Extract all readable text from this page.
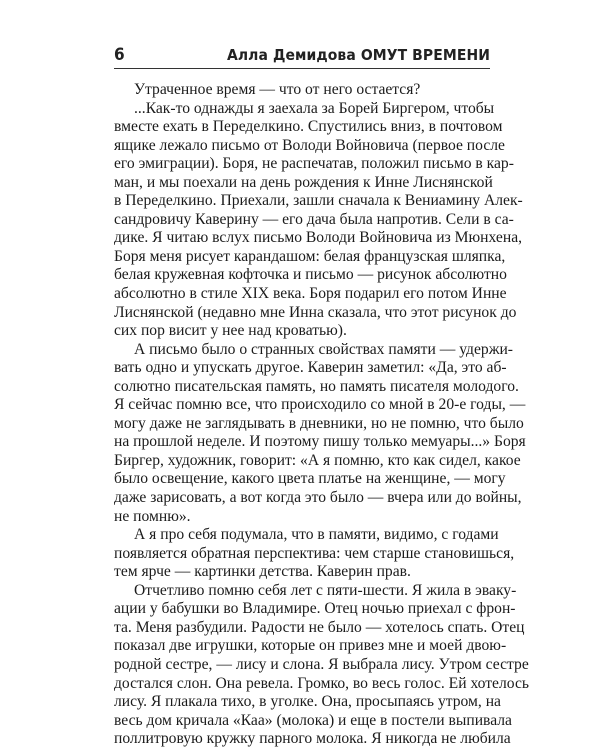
6	Алла Демидова ОМУТ ВРЕМЕНИ
Утраченное время — что от него остается?
...Как-то однажды я заехала за Борей Биргером, чтобы
вместе ехать в Переделкино. Спустились вниз, в почтовом
ящике лежало письмо от Володи Войновича (первое после
его эмиграции). Боря, не распечатав, положил письмо в кар-
ман, и мы поехали на день рождения к Инне Лиснянской
в Переделкино. Приехали, зашли сначала к Вениамину Алек-
сандровичу Каверину — его дача была напротив. Сели в са-
дике. Я читаю вслух письмо Володи Войновича из Мюнхена,
Боря меня рисует карандашом: белая французская шляпка,
белая кружевная кофточка и письмо — рисунок абсолютно
абсолютно в стиле XIX века. Боря подарил его потом Инне
Лиснянской (недавно мне Инна сказала, что этот рисунок до
сих пор висит у нее над кроватью).
А письмо было о странных свойствах памяти — удержи-
вать одно и упускать другое. Каверин заметил: «Да, это аб-
солютно писательская память, но память писателя молодого.
Я сейчас помню все, что происходило со мной в 20-е годы, —
могу даже не заглядывать в дневники, но не помню, что было
на прошлой неделе. И поэтому пишу только мемуары...» Боря
Биргер, художник, говорит: «А я помню, кто как сидел, какое
было освещение, какого цвета платье на женщине, — могу
даже зарисовать, а вот когда это было — вчера или до войны,
не помню».
А я про себя подумала, что в памяти, видимо, с годами
появляется обратная перспектива: чем старше становишься,
тем ярче — картинки детства. Каверин прав.
Отчетливо помню себя лет с пяти-шести. Я жила в эваку-
ации у бабушки во Владимире. Отец ночью приехал с фрон-
та. Меня разбудили. Радости не было — хотелось спать. Отец
показал две игрушки, которые он привез мне и моей двою-
родной сестре, — лису и слона. Я выбрала лису. Утром сестре
достался слон. Она ревела. Громко, во весь голос. Ей хотелось
лису. Я плакала тихо, в уголке. Она, просыпаясь утром, на
весь дом кричала «Каа» (молока) и еще в постели выпивала
поллитровую кружку парного молока. Я никогда не любила
